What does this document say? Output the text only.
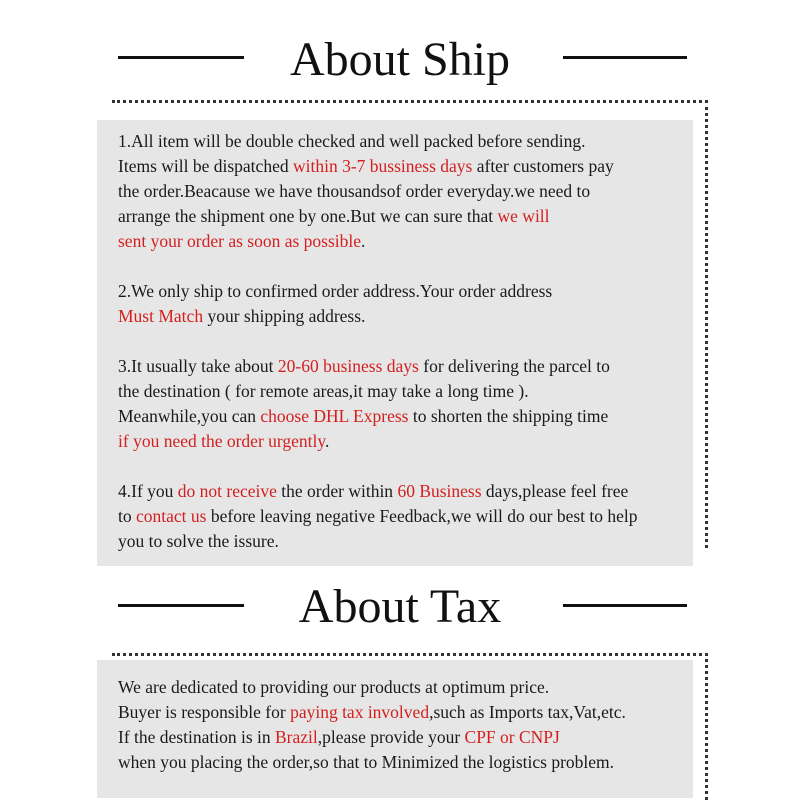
About Ship

1.All item will be double checked and well packed before sending.
Items will be dispatched within 3-7 bussiness days after customers pay
the order.Beacause we have thousandsof order everyday.we need to
arrange the shipment one by one.But we can sure that we will
sent your order as soon as possible.

2.We only ship to confirmed order address.Your order address
Must Match your shipping address.

3.It usually take about 20-60 business days for delivering the parcel to
the destination ( for remote areas,it may take a long time ).
Meanwhile,you can choose DHL Express to shorten the shipping time
if you need the order urgently.

4.If you do not receive the order within 60 Business days,please feel free
to contact us before leaving negative Feedback,we will do our best to help
you to solve the issure.

About Tax

We are dedicated to providing our products at optimum price.
Buyer is responsible for paying tax involved,such as Imports tax,Vat,etc.
If the destination is in Brazil,please provide your CPF or CNPJ
when you placing the order,so that to Minimized the logistics problem.
